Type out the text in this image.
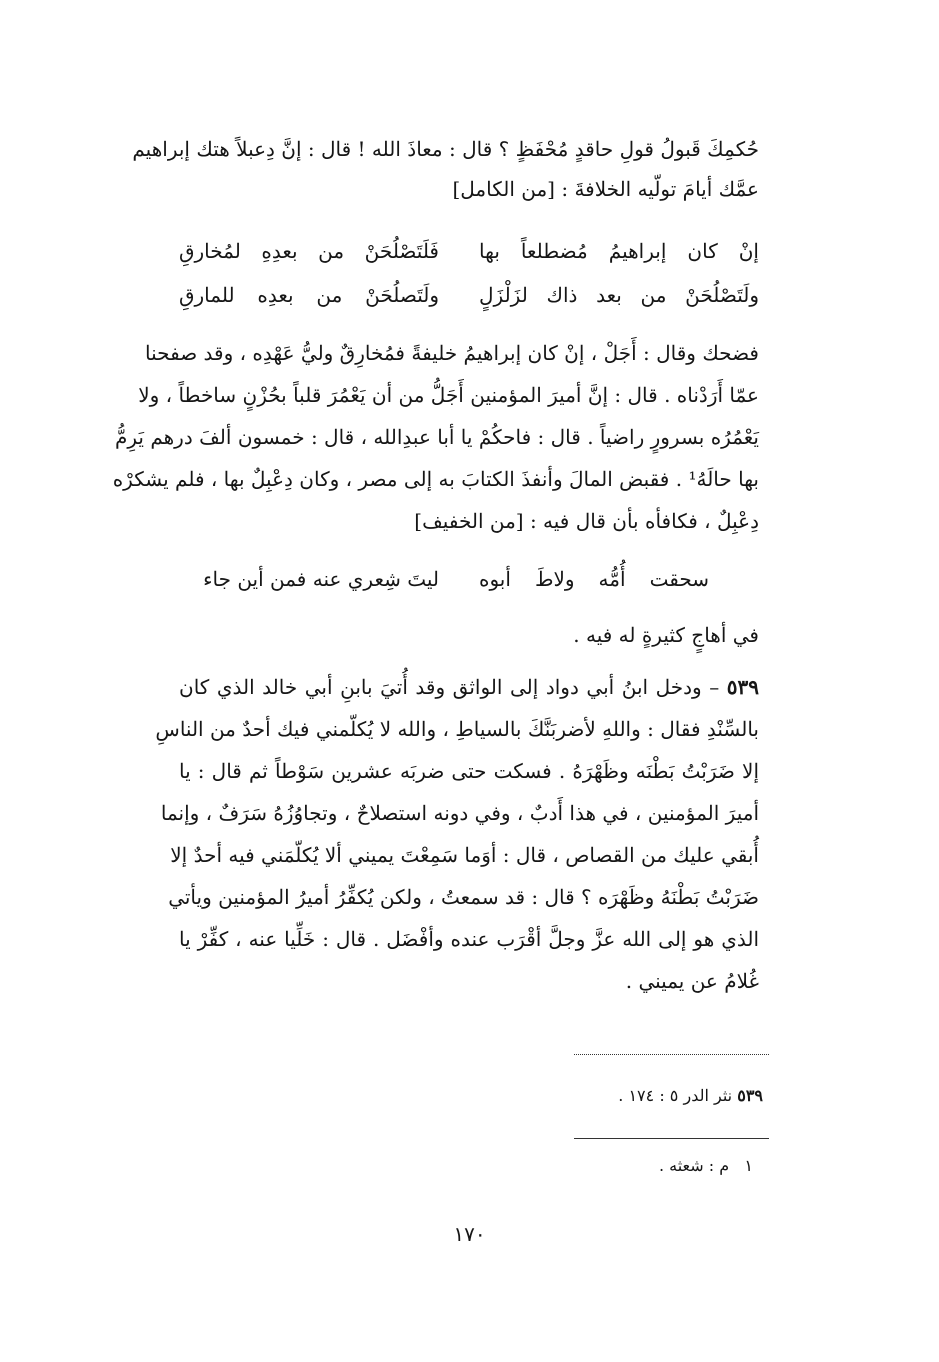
حُكمِكَ قَبولُ قولِ حاقدٍ مُحْفَظٍ ؟ قال : معاذَ الله ! قال : إنَّ دِعبلاً هتك إبراهيم
عمَّك أيامَ تولّيه الخلافةَ : [من الكامل]
إنْ كان إبراهيمُ مُضطلعاً بها
فَلَتَصْلُحَنْ من بعدِهِ لمُخارقِ
ولَتَصْلُحَنْ من بعد ذاك لزَلْزَلٍ
ولَتَصلُحَنْ من بعدِه للمارقِ
فضحك وقال : أَجَلْ ، إنْ كان إبراهيمُ خليفةً فمُخارِقٌ وليُّ عَهْدِه ، وقد صفحنا
عمّا أَرَدْناه . قال : إنَّ أميرَ المؤمنين أَجَلُّ من أن يَعْمُرَ قلباً بحُزْنٍ ساخطاً ، ولا
يَعْمُرُه بسرورٍ راضياً . قال : فاحكُمْ يا أبا عبدِالله ، قال : خمسون ألفَ درهم يَرِمُّ
بها حالَهُ¹ . فقبض المالَ وأنفذَ الكتابَ به إلى مصر ، وكان دِعْبِلٌ بها ، فلم يشكرْه
دِعْبِلٌ ، فكافأه بأن قال فيه : [من الخفيف]
سحقت أُمُّه ولاطَ أبوه
ليتَ شِعري عنه فمن أين جاء
في أهاجٍ كثيرةٍ له فيه .
٥٣٩ – ودخل ابنُ أبي دواد إلى الواثق وقد أُتيَ بابنِ أبي خالد الذي كان
بالسِّنْدِ فقال : واللهِ لأضربَنَّكَ بالسياطِ ، والله لا يُكلّمني فيك أحدٌ من الناسِ
إلا ضَرَبْتُ بَطْنَه وظَهْرَهُ . فسكت حتى ضربَه عشرين سَوْطاً ثم قال : يا
أميرَ المؤمنين ، في هذا أَدبٌ ، وفي دونه استصلاحٌ ، وتجاوُزُهُ سَرَفٌ ، وإنما
أُبقي عليك من القصاص ، قال : أوَما سَمِعْتَ يميني ألا يُكلّمَني فيه أحدٌ إلا
ضَرَبْتُ بَطْنَهُ وظَهْرَه ؟ قال : قد سمعتُ ، ولكن يُكفِّرُ أميرُ المؤمنين ويأتي
الذي هو إلى الله عزَّ وجلَّ أقْرَب عنده وأفْضَل . قال : خَلِّيا عنه ، كفِّرْ يا
غُلامُ عن يميني .
٥٣٩ نثر الدر ٥ : ١٧٤ .
١   م : شعثه .
١٧٠
